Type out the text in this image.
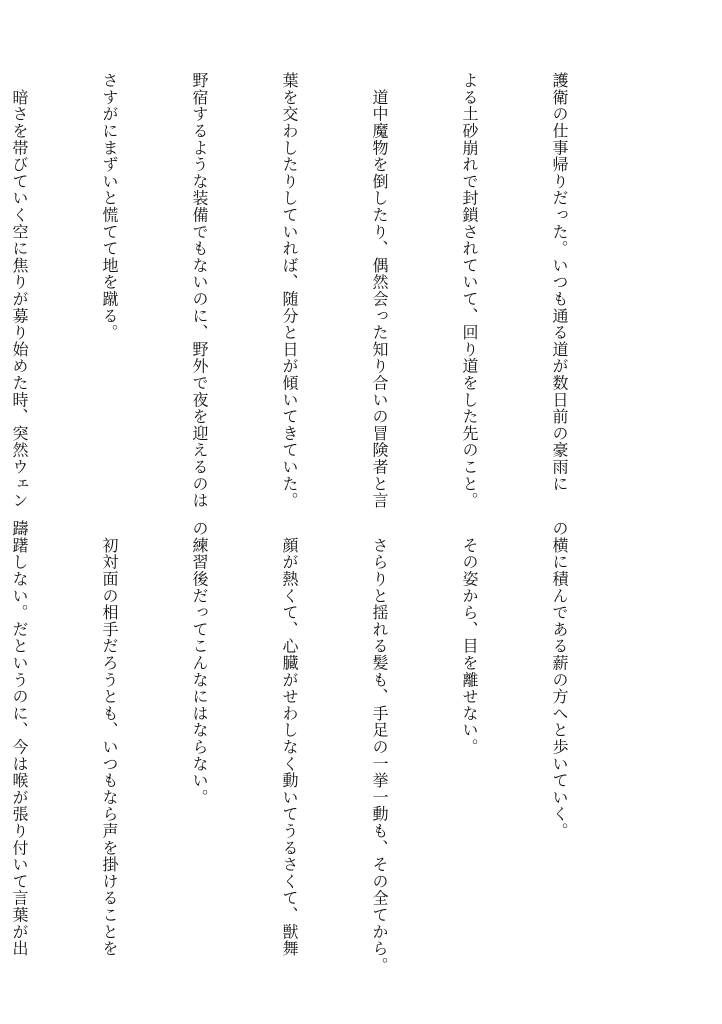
護衛の仕事帰りだった。いつも通る道が数日前の豪雨に

よる土砂崩れで封鎖されていて、回り道をした先のこと。

　道中魔物を倒したり、偶然会った知り合いの冒険者と言

葉を交わしたりしていれば、随分と日が傾いてきていた。

野宿するような装備でもないのに、野外で夜を迎えるのは

さすがにまずいと慌てて地を蹴る。

　暗さを帯びていく空に焦りが募り始めた時、突然ウェン

の横に積んである薪の方へと歩いていく。

　その姿から、目を離せない。

　さらりと揺れる髪も、手足の一挙一動も、その全てから。

　顔が熱くて、心臓がせわしなく動いてうるさくて、獣舞

の練習後だってこんなにはならない。

　初対面の相手だろうとも、いつもなら声を掛けることを

躊躇しない。だというのに、今は喉が張り付いて言葉が出
